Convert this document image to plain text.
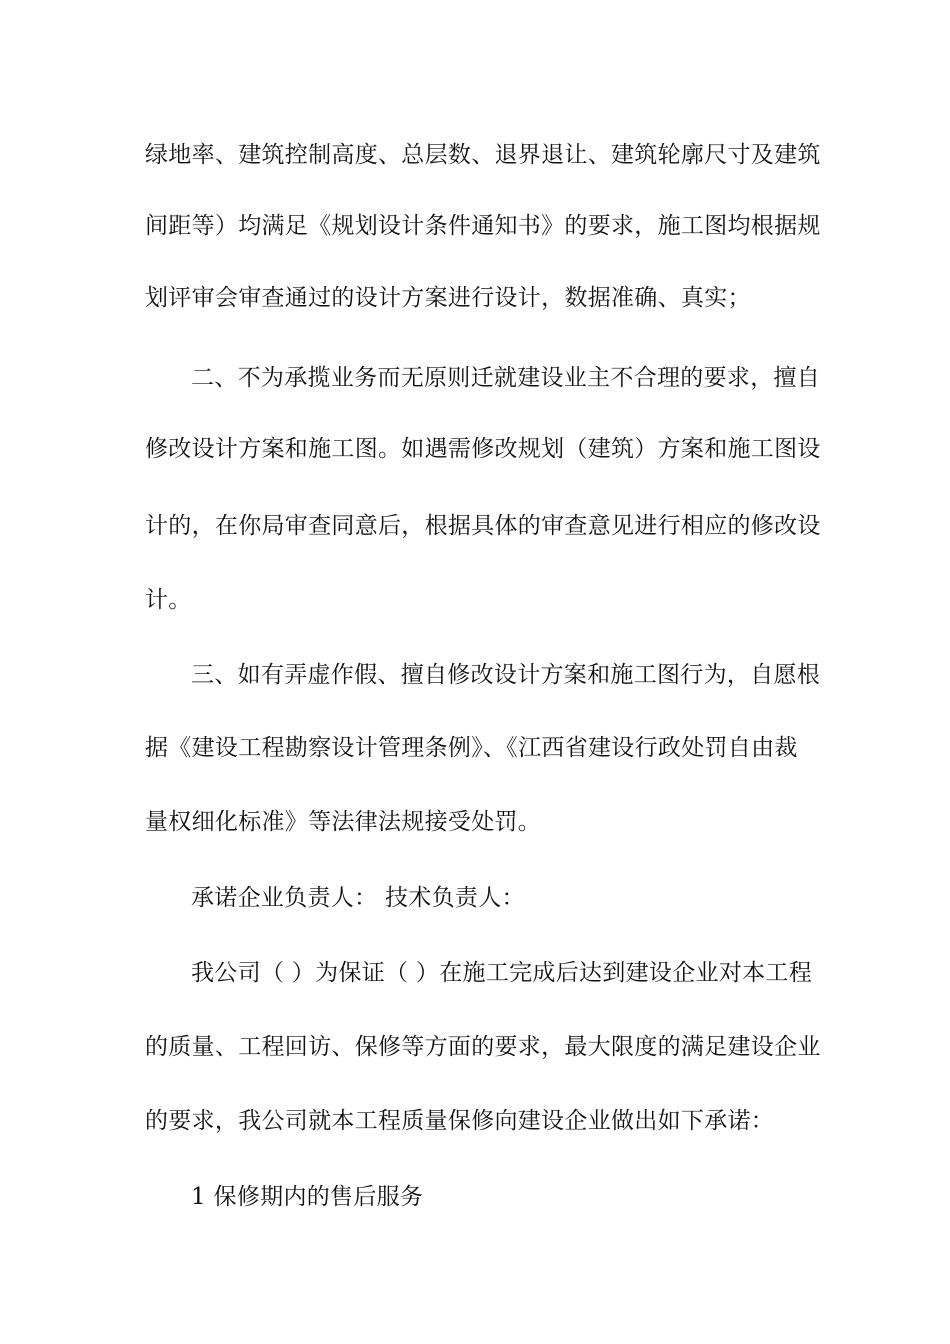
绿地率、建筑控制高度、总层数、退界退让、建筑轮廓尺寸及建筑
间距等）均满足《规划设计条件通知书》的要求，施工图均根据规
划评审会审查通过的设计方案进行设计，数据准确、真实；
二、不为承揽业务而无原则迁就建设业主不合理的要求，擅自
修改设计方案和施工图。如遇需修改规划（建筑）方案和施工图设
计的，在你局审查同意后，根据具体的审查意见进行相应的修改设
计。
三、如有弄虚作假、擅自修改设计方案和施工图行为，自愿根
据《建设工程勘察设计管理条例》、《江西省建设行政处罚自由裁
量权细化标准》等法律法规接受处罚。
承诺企业负责人： 技术负责人：
我公司（ ）为保证（ ）在施工完成后达到建设企业对本工程
的质量、工程回访、保修等方面的要求，最大限度的满足建设企业
的要求，我公司就本工程质量保修向建设企业做出如下承诺：
1 保修期内的售后服务
